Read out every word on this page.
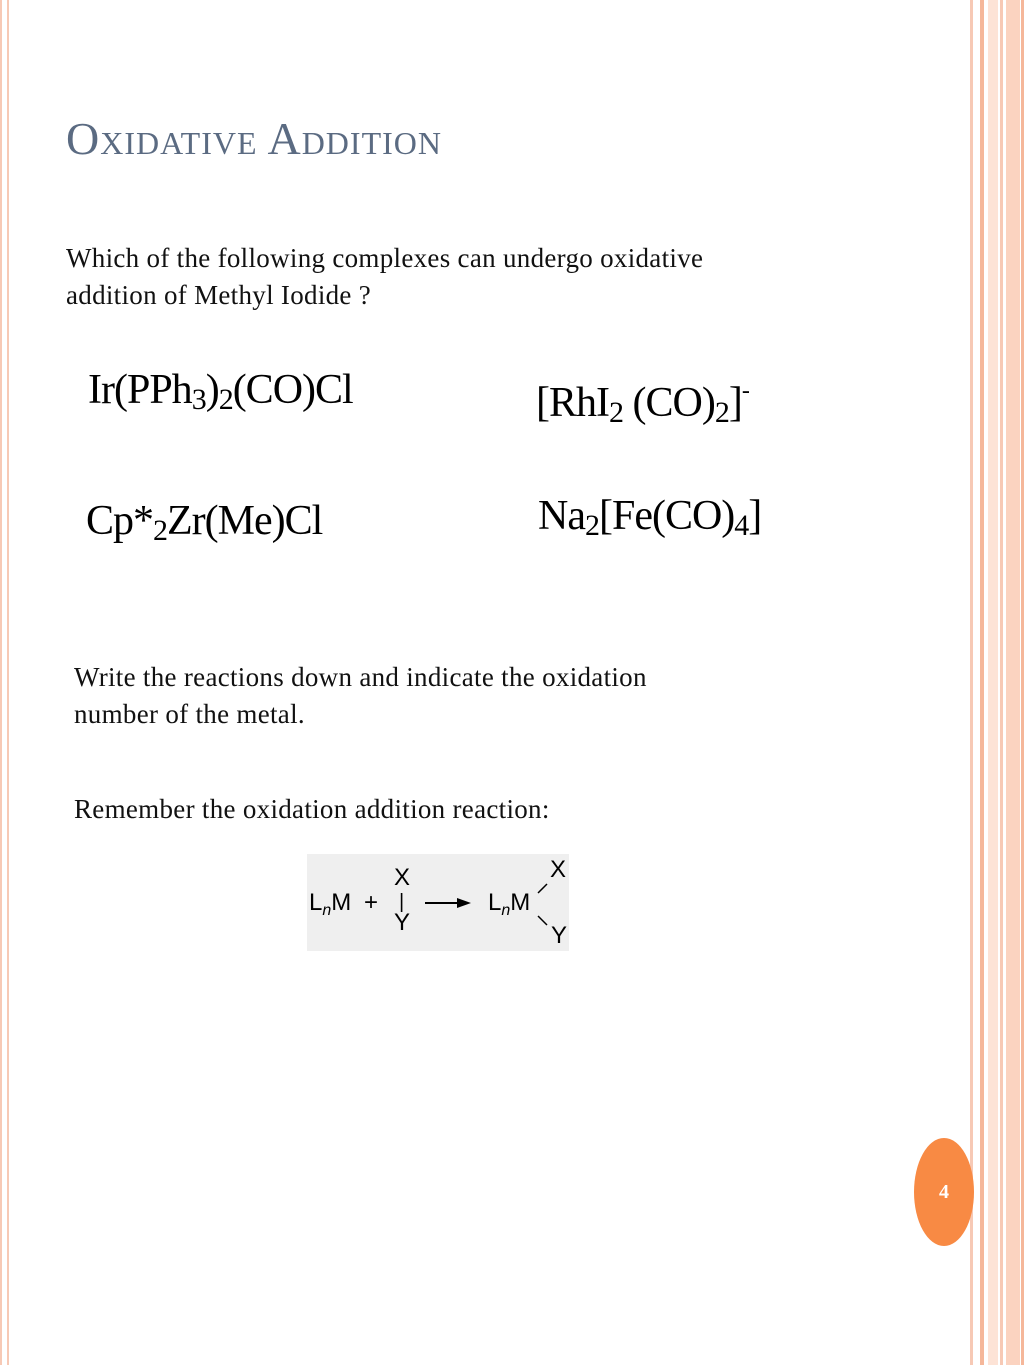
Oxidative Addition

Which of the following complexes can undergo oxidative
addition of Methyl Iodide ?

$Ir(PPh_3)_2(CO)Cl$	[RhI$_2$ $(CO)_2]^-$
$Cp*_2Zr(Me)Cl$	$Na_2[Fe(CO)_4]$

Write the reactions down and indicate the oxidation
number of the metal.

Remember the oxidation addition reaction:

$L_nM$ +
X
|
Y
→ $L_nM$
X
Y
4
